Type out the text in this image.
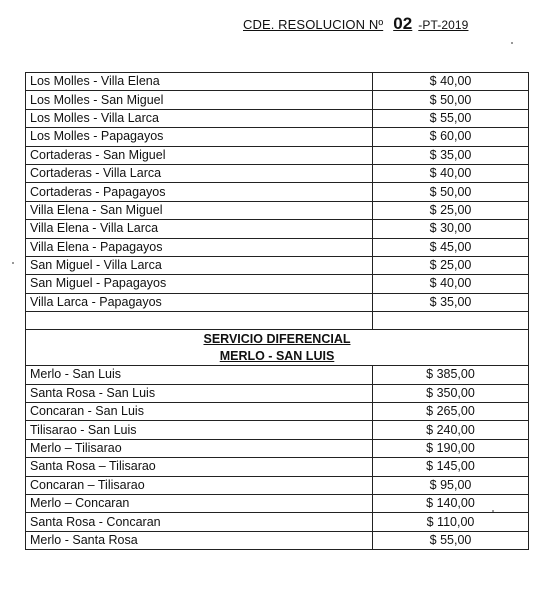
CDE. RESOLUCION Nº 02 -PT-2019
Los Molles - Villa Elena	$ 40,00
Los Molles - San Miguel	$ 50,00
Los Molles - Villa Larca	$ 55,00
Los Molles - Papagayos	$ 60,00
Cortaderas - San Miguel	$ 35,00
Cortaderas - Villa Larca	$ 40,00
Cortaderas - Papagayos	$ 50,00
Villa Elena - San Miguel	$ 25,00
Villa Elena - Villa Larca	$ 30,00
Villa Elena - Papagayos	$ 45,00
San Miguel - Villa Larca	$ 25,00
San Miguel - Papagayos	$ 40,00
Villa Larca - Papagayos	$ 35,00

SERVICIO DIFERENCIAL	
MERLO - SAN LUIS	
Merlo - San Luis	$ 385,00
Santa Rosa - San Luis	$ 350,00
Concaran - San Luis	$ 265,00
Tilisarao - San Luis	$ 240,00
Merlo – Tilisarao	$ 190,00
Santa Rosa – Tilisarao	$ 145,00
Concaran – Tilisarao	$ 95,00
Merlo – Concaran	$ 140,00
Santa Rosa - Concaran	$ 110,00
Merlo - Santa Rosa	$ 55,00
